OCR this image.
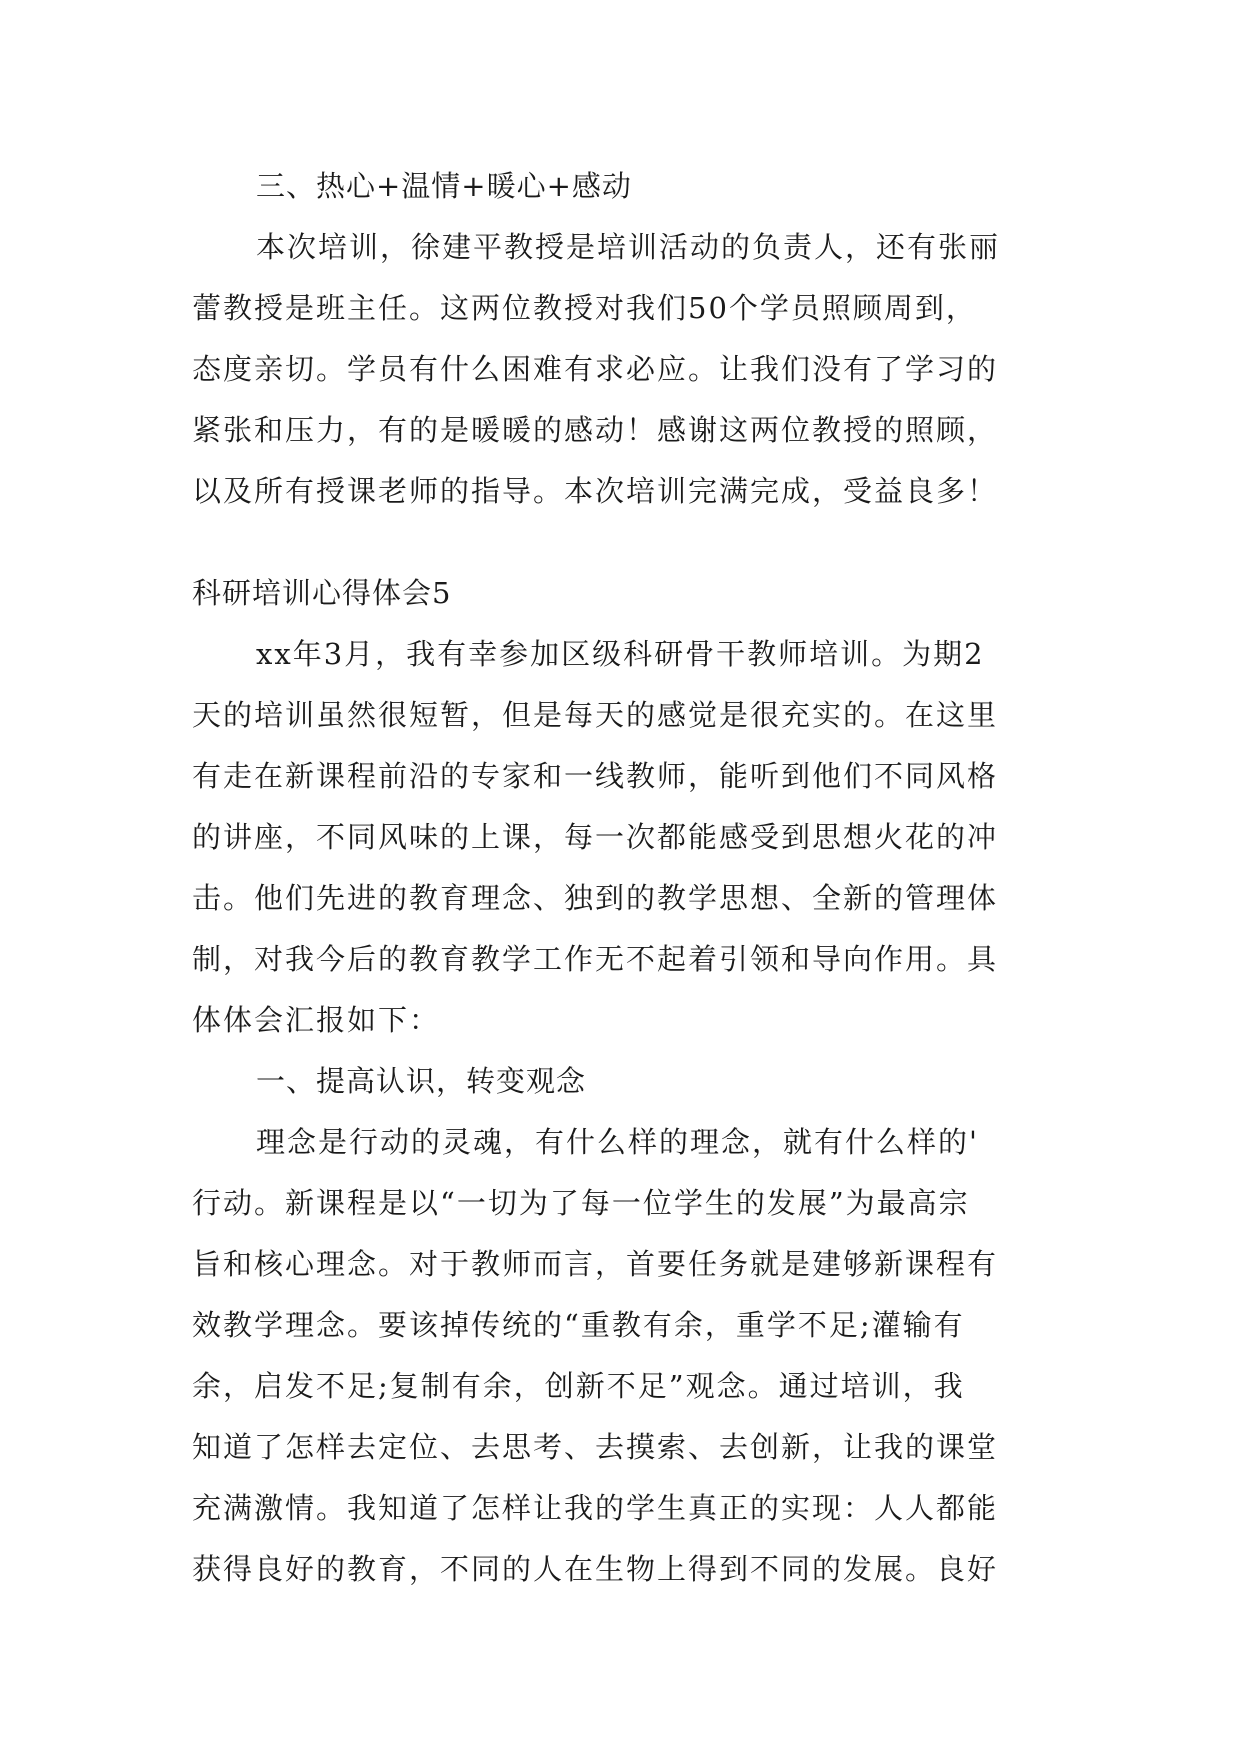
三、热心+温情+暖心+感动
本次培训，徐建平教授是培训活动的负责人，还有张丽
蕾教授是班主任。这两位教授对我们50个学员照顾周到，
态度亲切。学员有什么困难有求必应。让我们没有了学习的
紧张和压力，有的是暖暖的感动！感谢这两位教授的照顾，
以及所有授课老师的指导。本次培训完满完成，受益良多！
科研培训心得体会5
xx年3月，我有幸参加区级科研骨干教师培训。为期2
天的培训虽然很短暂，但是每天的感觉是很充实的。在这里
有走在新课程前沿的专家和一线教师，能听到他们不同风格
的讲座，不同风味的上课，每一次都能感受到思想火花的冲
击。他们先进的教育理念、独到的教学思想、全新的管理体
制，对我今后的教育教学工作无不起着引领和导向作用。具
体体会汇报如下：
一、提高认识，转变观念
理念是行动的灵魂，有什么样的理念，就有什么样的'
行动。新课程是以“一切为了每一位学生的发展”为最高宗
旨和核心理念。对于教师而言，首要任务就是建够新课程有
效教学理念。要该掉传统的“重教有余，重学不足;灌输有
余，启发不足;复制有余，创新不足”观念。通过培训，我
知道了怎样去定位、去思考、去摸索、去创新，让我的课堂
充满激情。我知道了怎样让我的学生真正的实现：人人都能
获得良好的教育，不同的人在生物上得到不同的发展。良好
